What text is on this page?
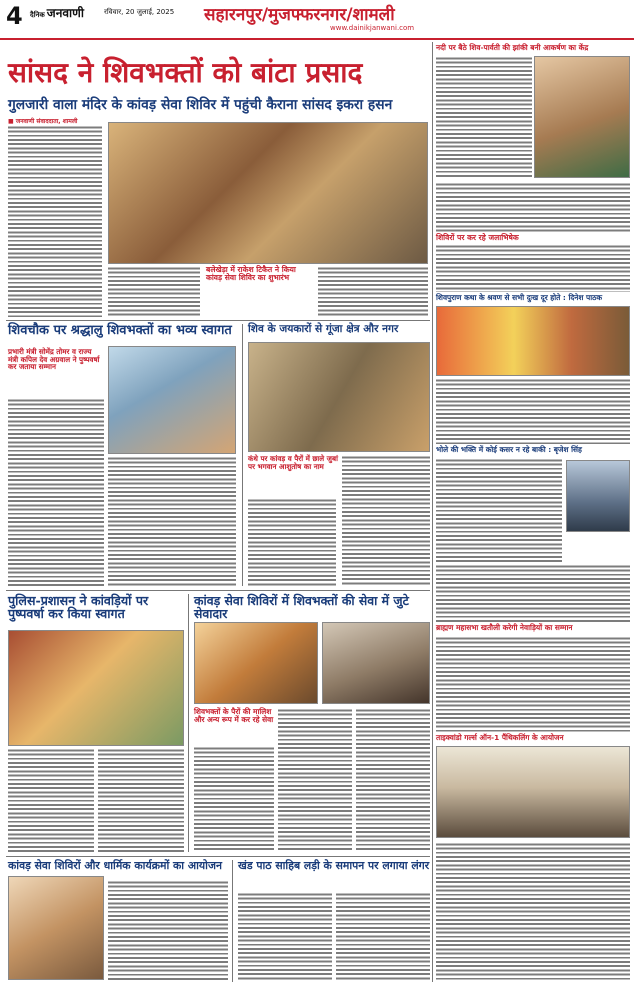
4 दैनिक जनवाणी	रविवार, 20 जुलाई, 2025 सहारनपुर/मुजफ्फरनगर/शामली
www.dainikjanwani.com
सांसद ने शिवभक्तों को बांटा प्रसाद
गुलजारी वाला मंदिर के कांवड़ सेवा शिविर में पहुंची कैराना सांसद इकरा हसन
■ जनवाणी संवाददाता, शामली
बलेखेड़ा में राकेश टिकैत ने किया कांवड़ सेवा शिविर का शुभारंभ
नदी पर बैठे शिव-पार्वती की झांकी बनी आकर्षण का केंद्र
शिविरों पर कर रहे जलाभिषेक
शिवपुराण कथा के श्रवण से सभी दुःख दूर होते : दिनेश पाठक
भोले की भक्ति में कोई कसर न रहे बाकी : बृजेश सिंह
ब्राह्मण महासभा खतौली करेगी नेवाड़ियों का सम्मान
ताइक्वांडो गर्ल्स ऑन-1 पैंथिकलिंग के आयोजन
शिवचौक पर श्रद्धालु शिवभक्तों का भव्य स्वागत
प्रभारी मंत्री सोमेंद्र तोमर व राज्य मंत्री कपिल देव अग्रवाल ने पुष्पवर्षा कर जताया सम्मान
शिव के जयकारों से गूंजा क्षेत्र और नगर
कंधे पर कांवड़ व पैरों में छाले जुबां पर भगवान आशुतोष का नाम
पुलिस-प्रशासन ने कांवड़ियों पर पुष्पवर्षा कर किया स्वागत
कांवड़ सेवा शिविरों में शिवभक्तों की सेवा में जुटे सेवादार
शिवभक्तों के पैरों की मालिश और अन्य रूप में कर रहे सेवा
कांवड़ सेवा शिविरों और धार्मिक कार्यक्रमों का आयोजन	खंड पाठ साहिब लड़ी के समापन पर लगाया लंगर
